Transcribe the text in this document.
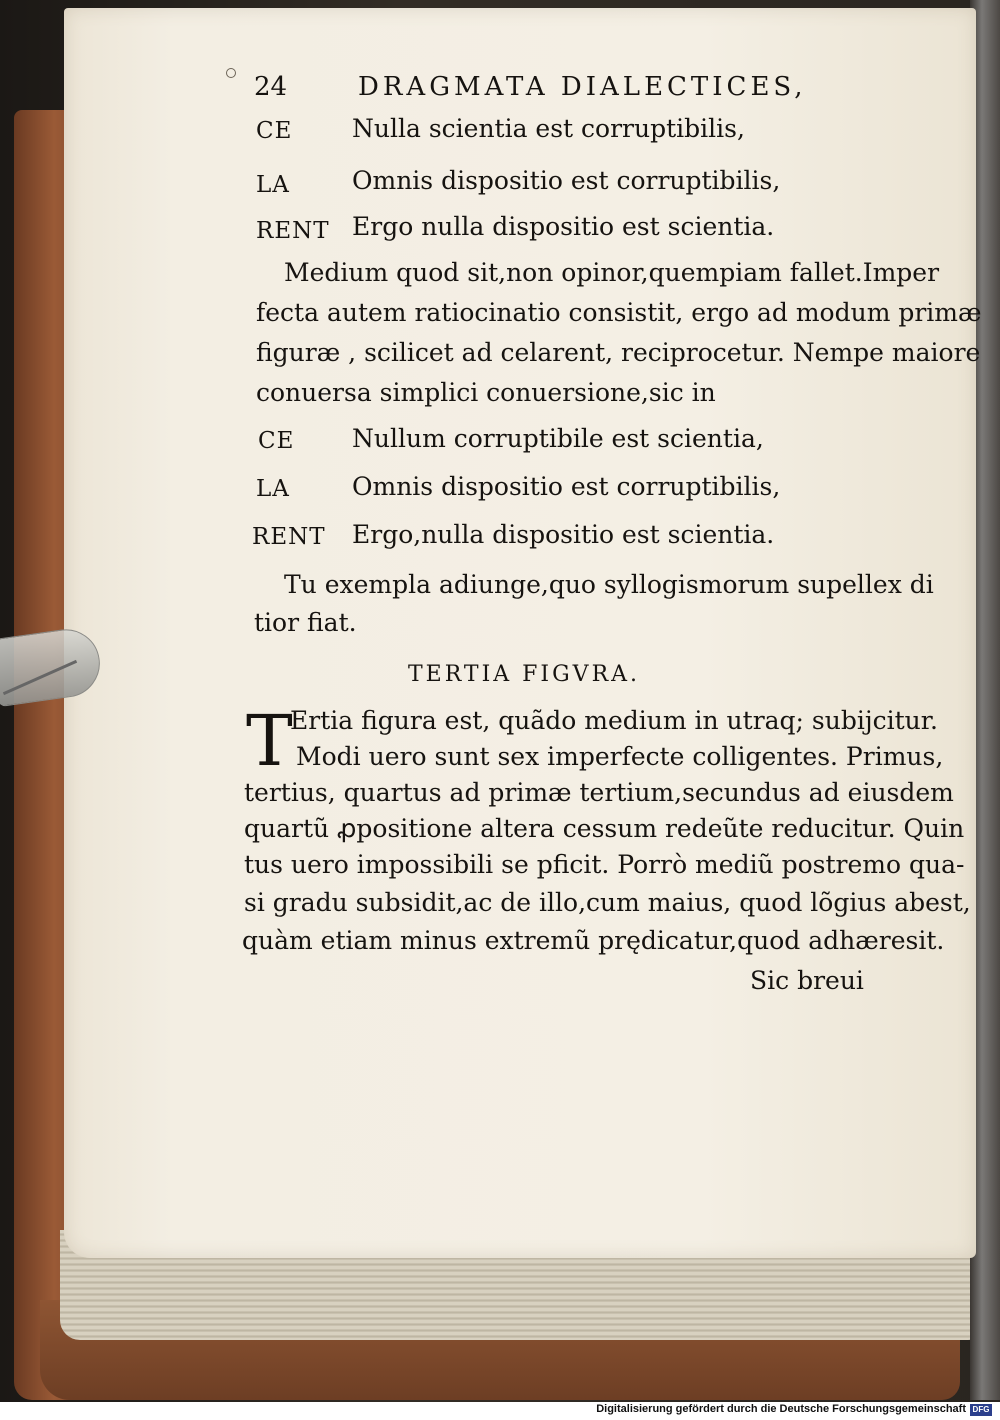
24	DRAGMATA DIALECTICES,
CE Nulla scientia est corruptibilis,
LA Omnis dispositio est corruptibilis,
RENT Ergo nulla dispositio est scientia.
Medium quod sit,non opinor,quempiam fallet.Imper
fecta autem ratiocinatio consistit, ergo ad modum primæ
figuræ , scilicet ad celarent, reciprocetur. Nempe maiore
conuersa simplici conuersione,sic in
CE Nullum corruptibile est scientia,
LA Omnis dispositio est corruptibilis,
RENT Ergo,nulla dispositio est scientia.
Tu exempla adiunge,quo syllogismorum supellex di
tior fiat.
TERTIA FIGVRA.
T
Ertia figura est, quãdo medium in utraq; subijcitur.
Modi uero sunt sex imperfecte colligentes. Primus,
tertius, quartus ad primæ tertium,secundus ad eiusdem
quartũ ꝓpositione altera cessum redeũte reducitur. Quin
tus uero impossibili se pficit. Porrò mediũ postremo qua-
si gradu subsidit,ac de illo,cum maius, quod lõgius abest,
quàm etiam minus extremũ prędicatur,quod adhæresit.
Sic breui
Digitalisierung gefördert durch die Deutsche Forschungsgemeinschaft DFG
